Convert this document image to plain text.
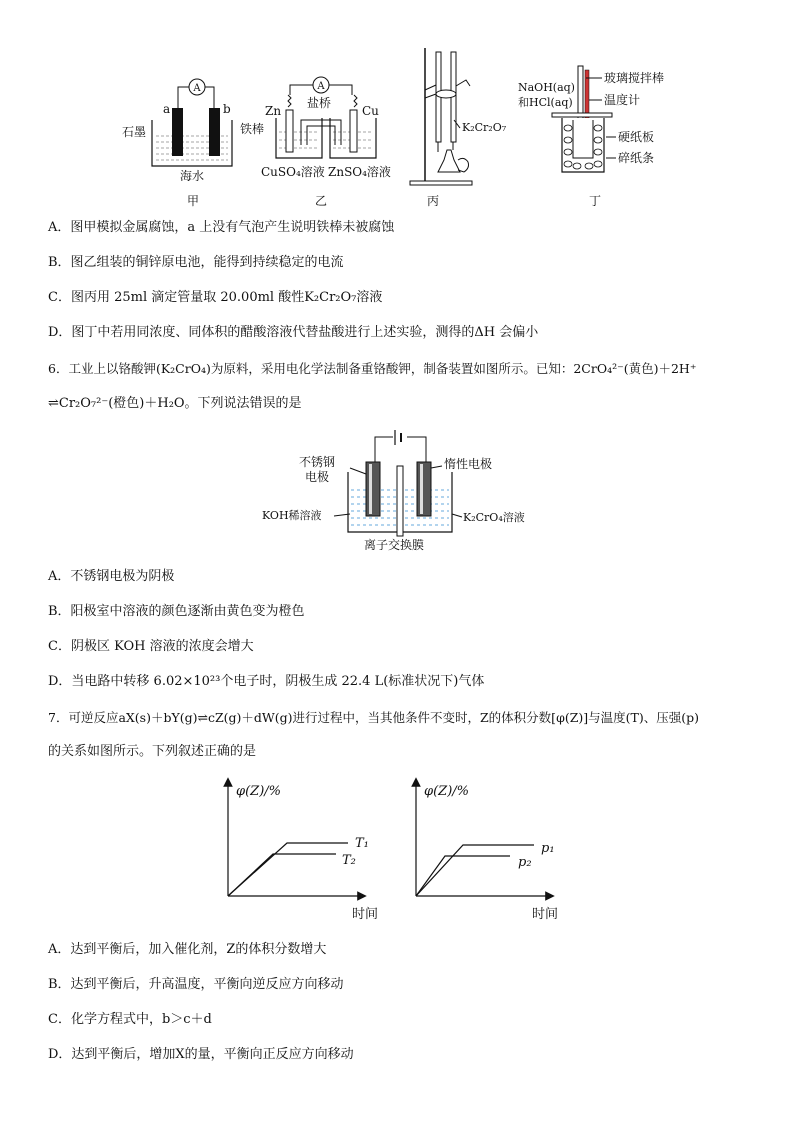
A
a	b
石墨	铁棒
海水
甲
A
盐桥
Zn	Cu
CuSO₄溶液 ZnSO₄溶液
乙
K₂Cr₂O₇
丙
NaOH(aq)
和HCl(aq)
玻璃搅拌棒
温度计
硬纸板
碎纸条
丁
A．图甲模拟金属腐蚀，a 上没有气泡产生说明铁棒未被腐蚀
B．图乙组装的铜锌原电池，能得到持续稳定的电流
C．图丙用 25ml 滴定管量取 20.00ml 酸性K₂Cr₂O₇溶液
D．图丁中若用同浓度、同体积的醋酸溶液代替盐酸进行上述实验，测得的ΔH 会偏小
6．工业上以铬酸钾(K₂CrO₄)为原料，采用电化学法制备重铬酸钾，制备装置如图所示。已知：2CrO₄²⁻(黄色)＋2H⁺
⇌Cr₂O₇²⁻(橙色)＋H₂O。下列说法错误的是
不锈钢
电极
惰性电极
KOH稀溶液	K₂CrO₄溶液
离子交换膜
A．不锈钢电极为阴极
B．阳极室中溶液的颜色逐渐由黄色变为橙色
C．阴极区 KOH 溶液的浓度会增大
D．当电路中转移 6.02×10²³个电子时，阴极生成 22.4 L(标准状况下)气体
7．可逆反应aX(s)＋bY(g)⇌cZ(g)＋dW(g)进行过程中，当其他条件不变时，Z的体积分数[φ(Z)]与温度(T)、压强(p)
的关系如图所示。下列叙述正确的是
φ(Z)/%
时间
T₁
T₂
φ(Z)/%
时间
p₁
p₂
A．达到平衡后，加入催化剂，Z的体积分数增大
B．达到平衡后，升高温度，平衡向逆反应方向移动
C．化学方程式中，b＞c＋d
D．达到平衡后，增加X的量，平衡向正反应方向移动
